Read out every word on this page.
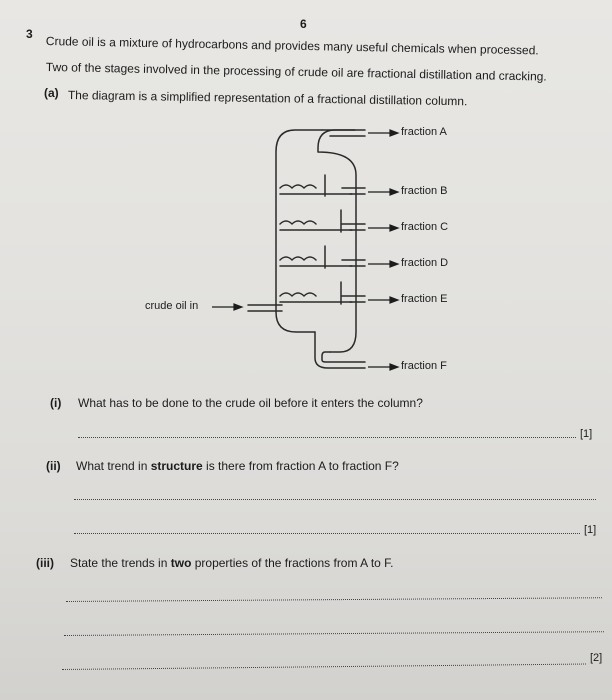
6
3 Crude oil is a mixture of hydrocarbons and provides many useful chemicals when processed.
Two of the stages involved in the processing of crude oil are fractional distillation and cracking.
(a) The diagram is a simplified representation of a fractional distillation column.
fraction A
fraction B
fraction C
fraction D
fraction E
fraction F
crude oil in
(i) What has to be done to the crude oil before it enters the column?
[1]
(ii) What trend in structure is there from fraction A to fraction F?
[1]
(iii) State the trends in two properties of the fractions from A to F.
[2]
